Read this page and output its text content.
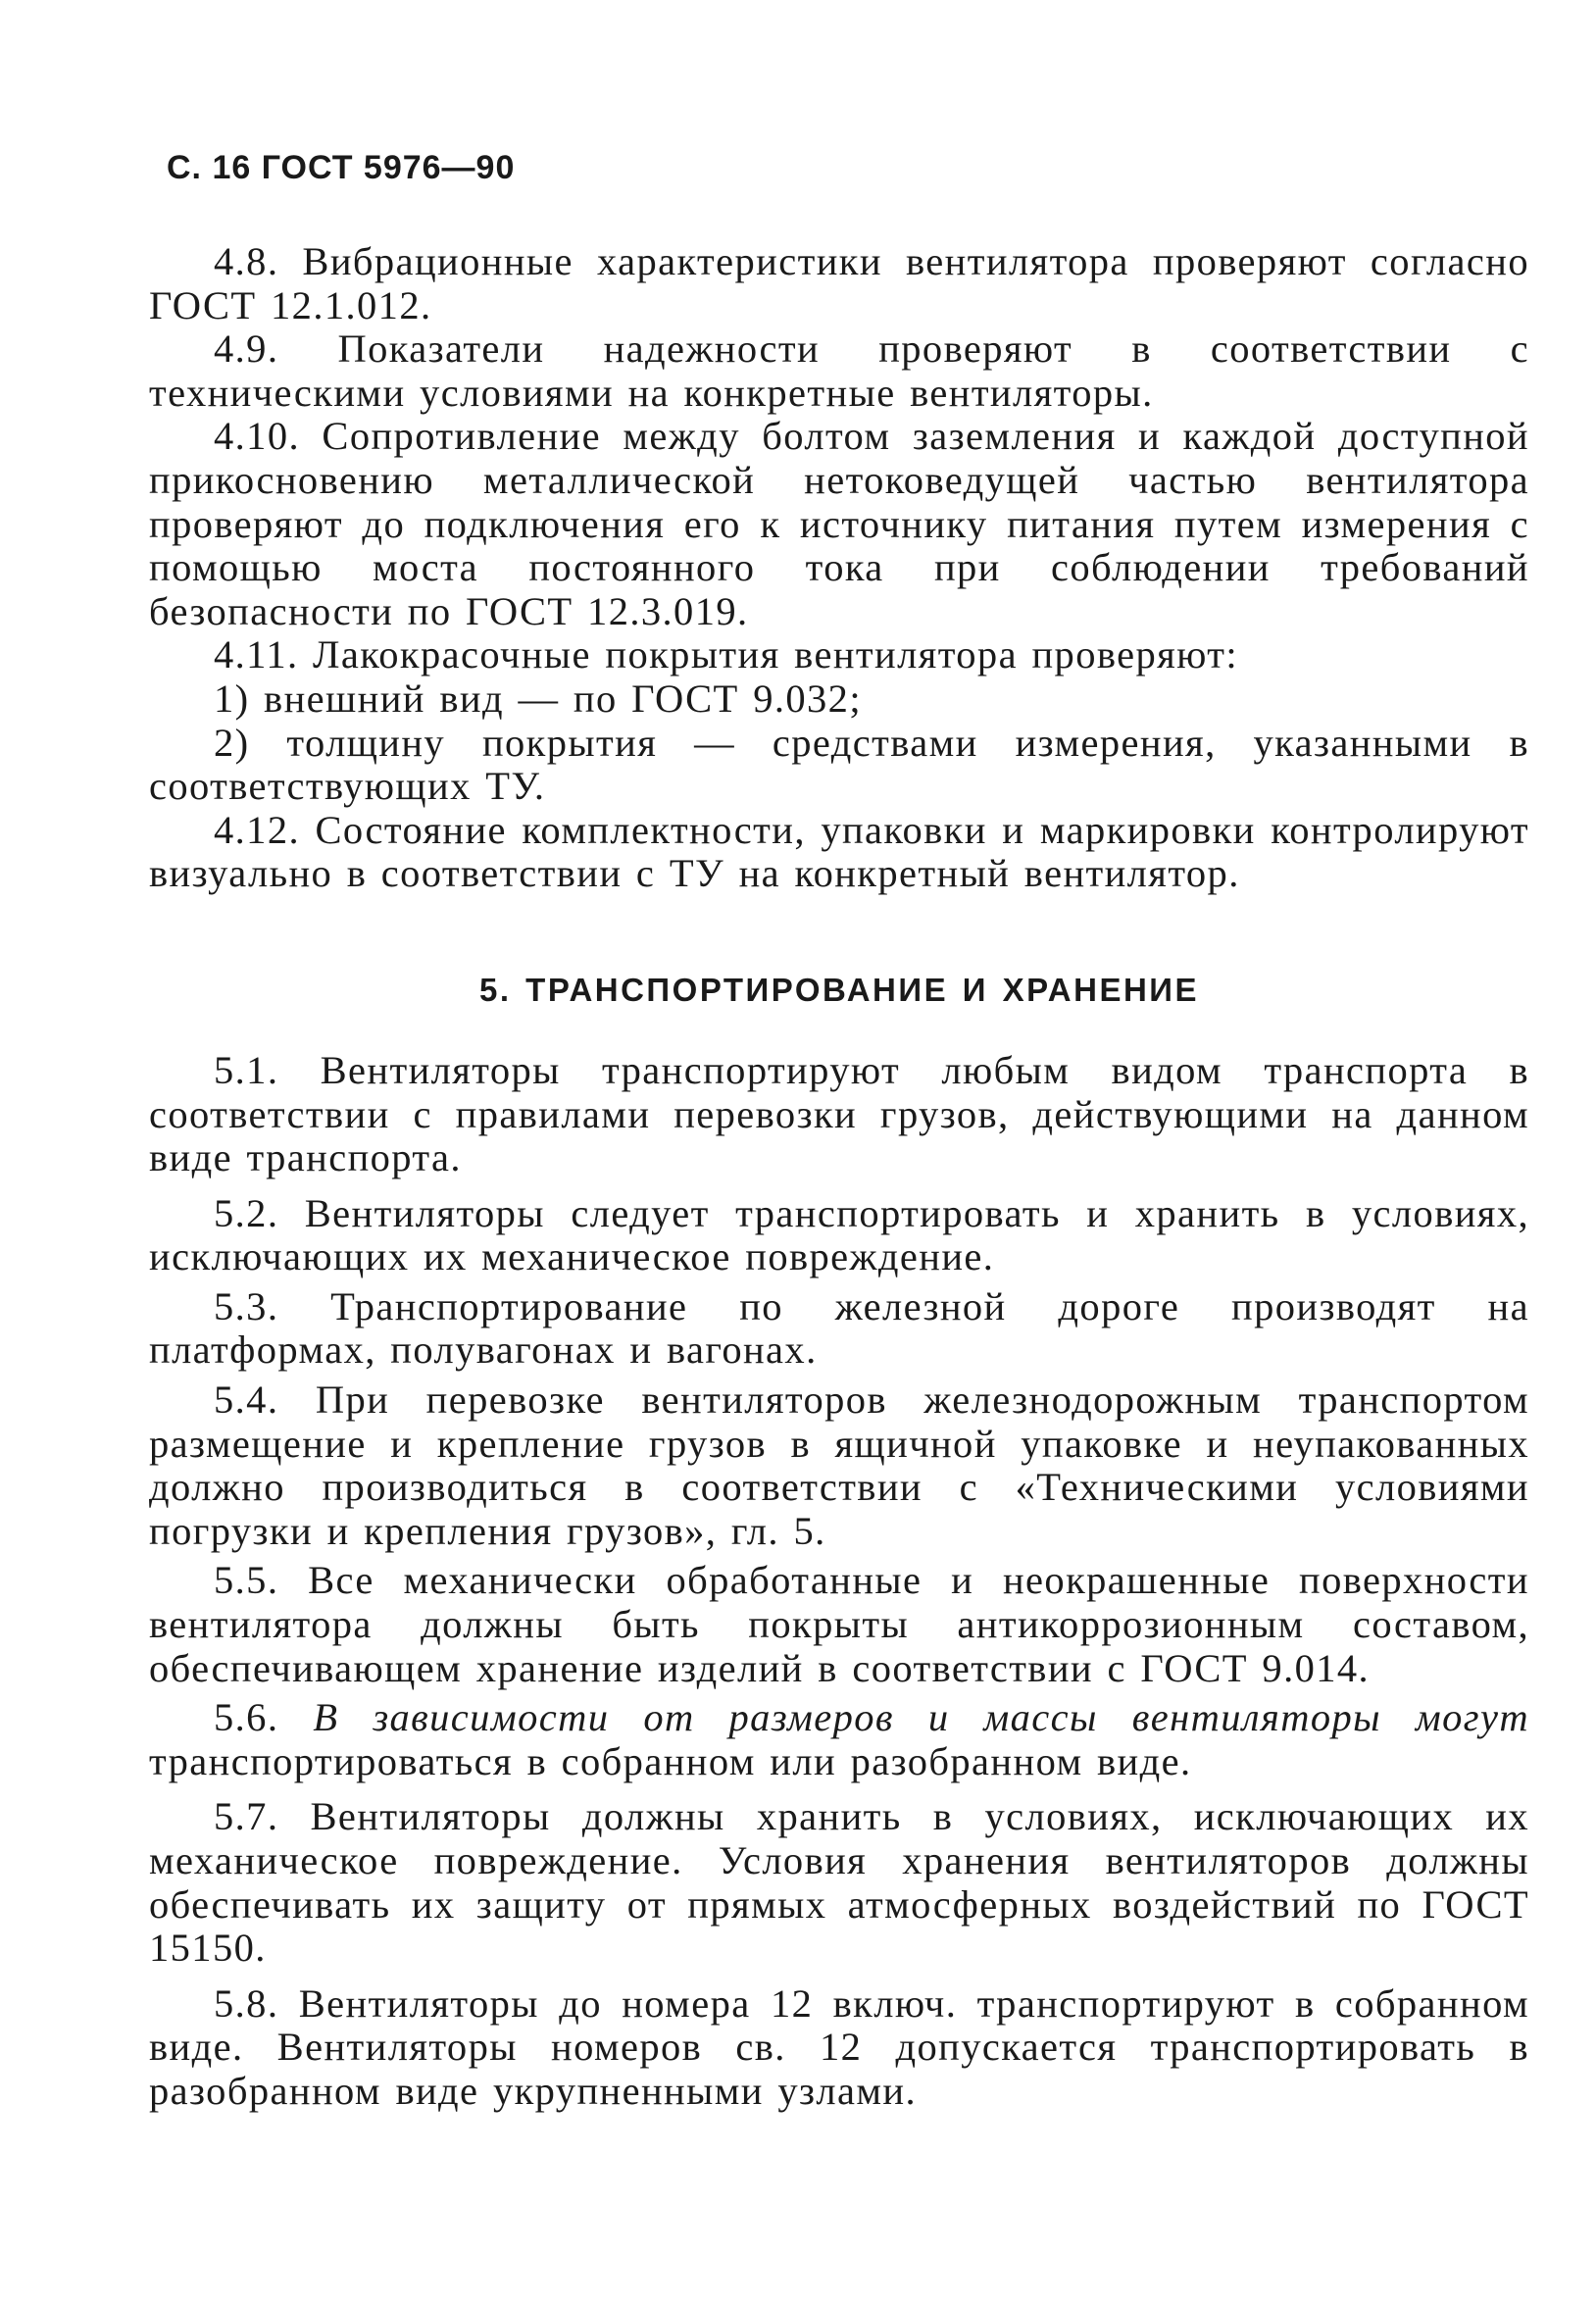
С. 16 ГОСТ 5976—90

4.8. Вибрационные характеристики вентилятора проверяют согласно ГОСТ 12.1.012.

4.9. Показатели надежности проверяют в соответствии с техническими условиями на конкретные вентиляторы.

4.10. Сопротивление между болтом заземления и каждой доступной прикосновению металлической нетоковедущей частью вентилятора проверяют до подключения его к источнику питания путем измерения с помощью моста постоянного тока при соблюдении требований безопасности по ГОСТ 12.3.019.

4.11. Лакокрасочные покрытия вентилятора проверяют:

1) внешний вид — по ГОСТ 9.032;

2) толщину покрытия — средствами измерения, указанными в соответствующих ТУ.

4.12. Состояние комплектности, упаковки и маркировки контролируют визуально в соответствии с ТУ на конкретный вентилятор.

5. ТРАНСПОРТИРОВАНИЕ И ХРАНЕНИЕ

5.1. Вентиляторы транспортируют любым видом транспорта в соответствии с правилами перевозки грузов, действующими на данном виде транспорта.

5.2. Вентиляторы следует транспортировать и хранить в условиях, исключающих их механическое повреждение.

5.3. Транспортирование по железной дороге производят на платформах, полувагонах и вагонах.

5.4. При перевозке вентиляторов железнодорожным транспортом размещение и крепление грузов в ящичной упаковке и неупакованных должно производиться в соответствии с «Техническими условиями погрузки и крепления грузов», гл. 5.

5.5. Все механически обработанные и неокрашенные поверхности вентилятора должны быть покрыты антикоррозионным составом, обеспечивающем хранение изделий в соответствии с ГОСТ 9.014.

5.6. В зависимости от размеров и массы вентиляторы могут транспортироваться в собранном или разобранном виде.

5.7. Вентиляторы должны хранить в условиях, исключающих их механическое повреждение. Условия хранения вентиляторов должны обеспечивать их защиту от прямых атмосферных воздействий по ГОСТ 15150.

5.8. Вентиляторы до номера 12 включ. транспортируют в собранном виде. Вентиляторы номеров св. 12 допускается транспортировать в разобранном виде укрупненными узлами.
